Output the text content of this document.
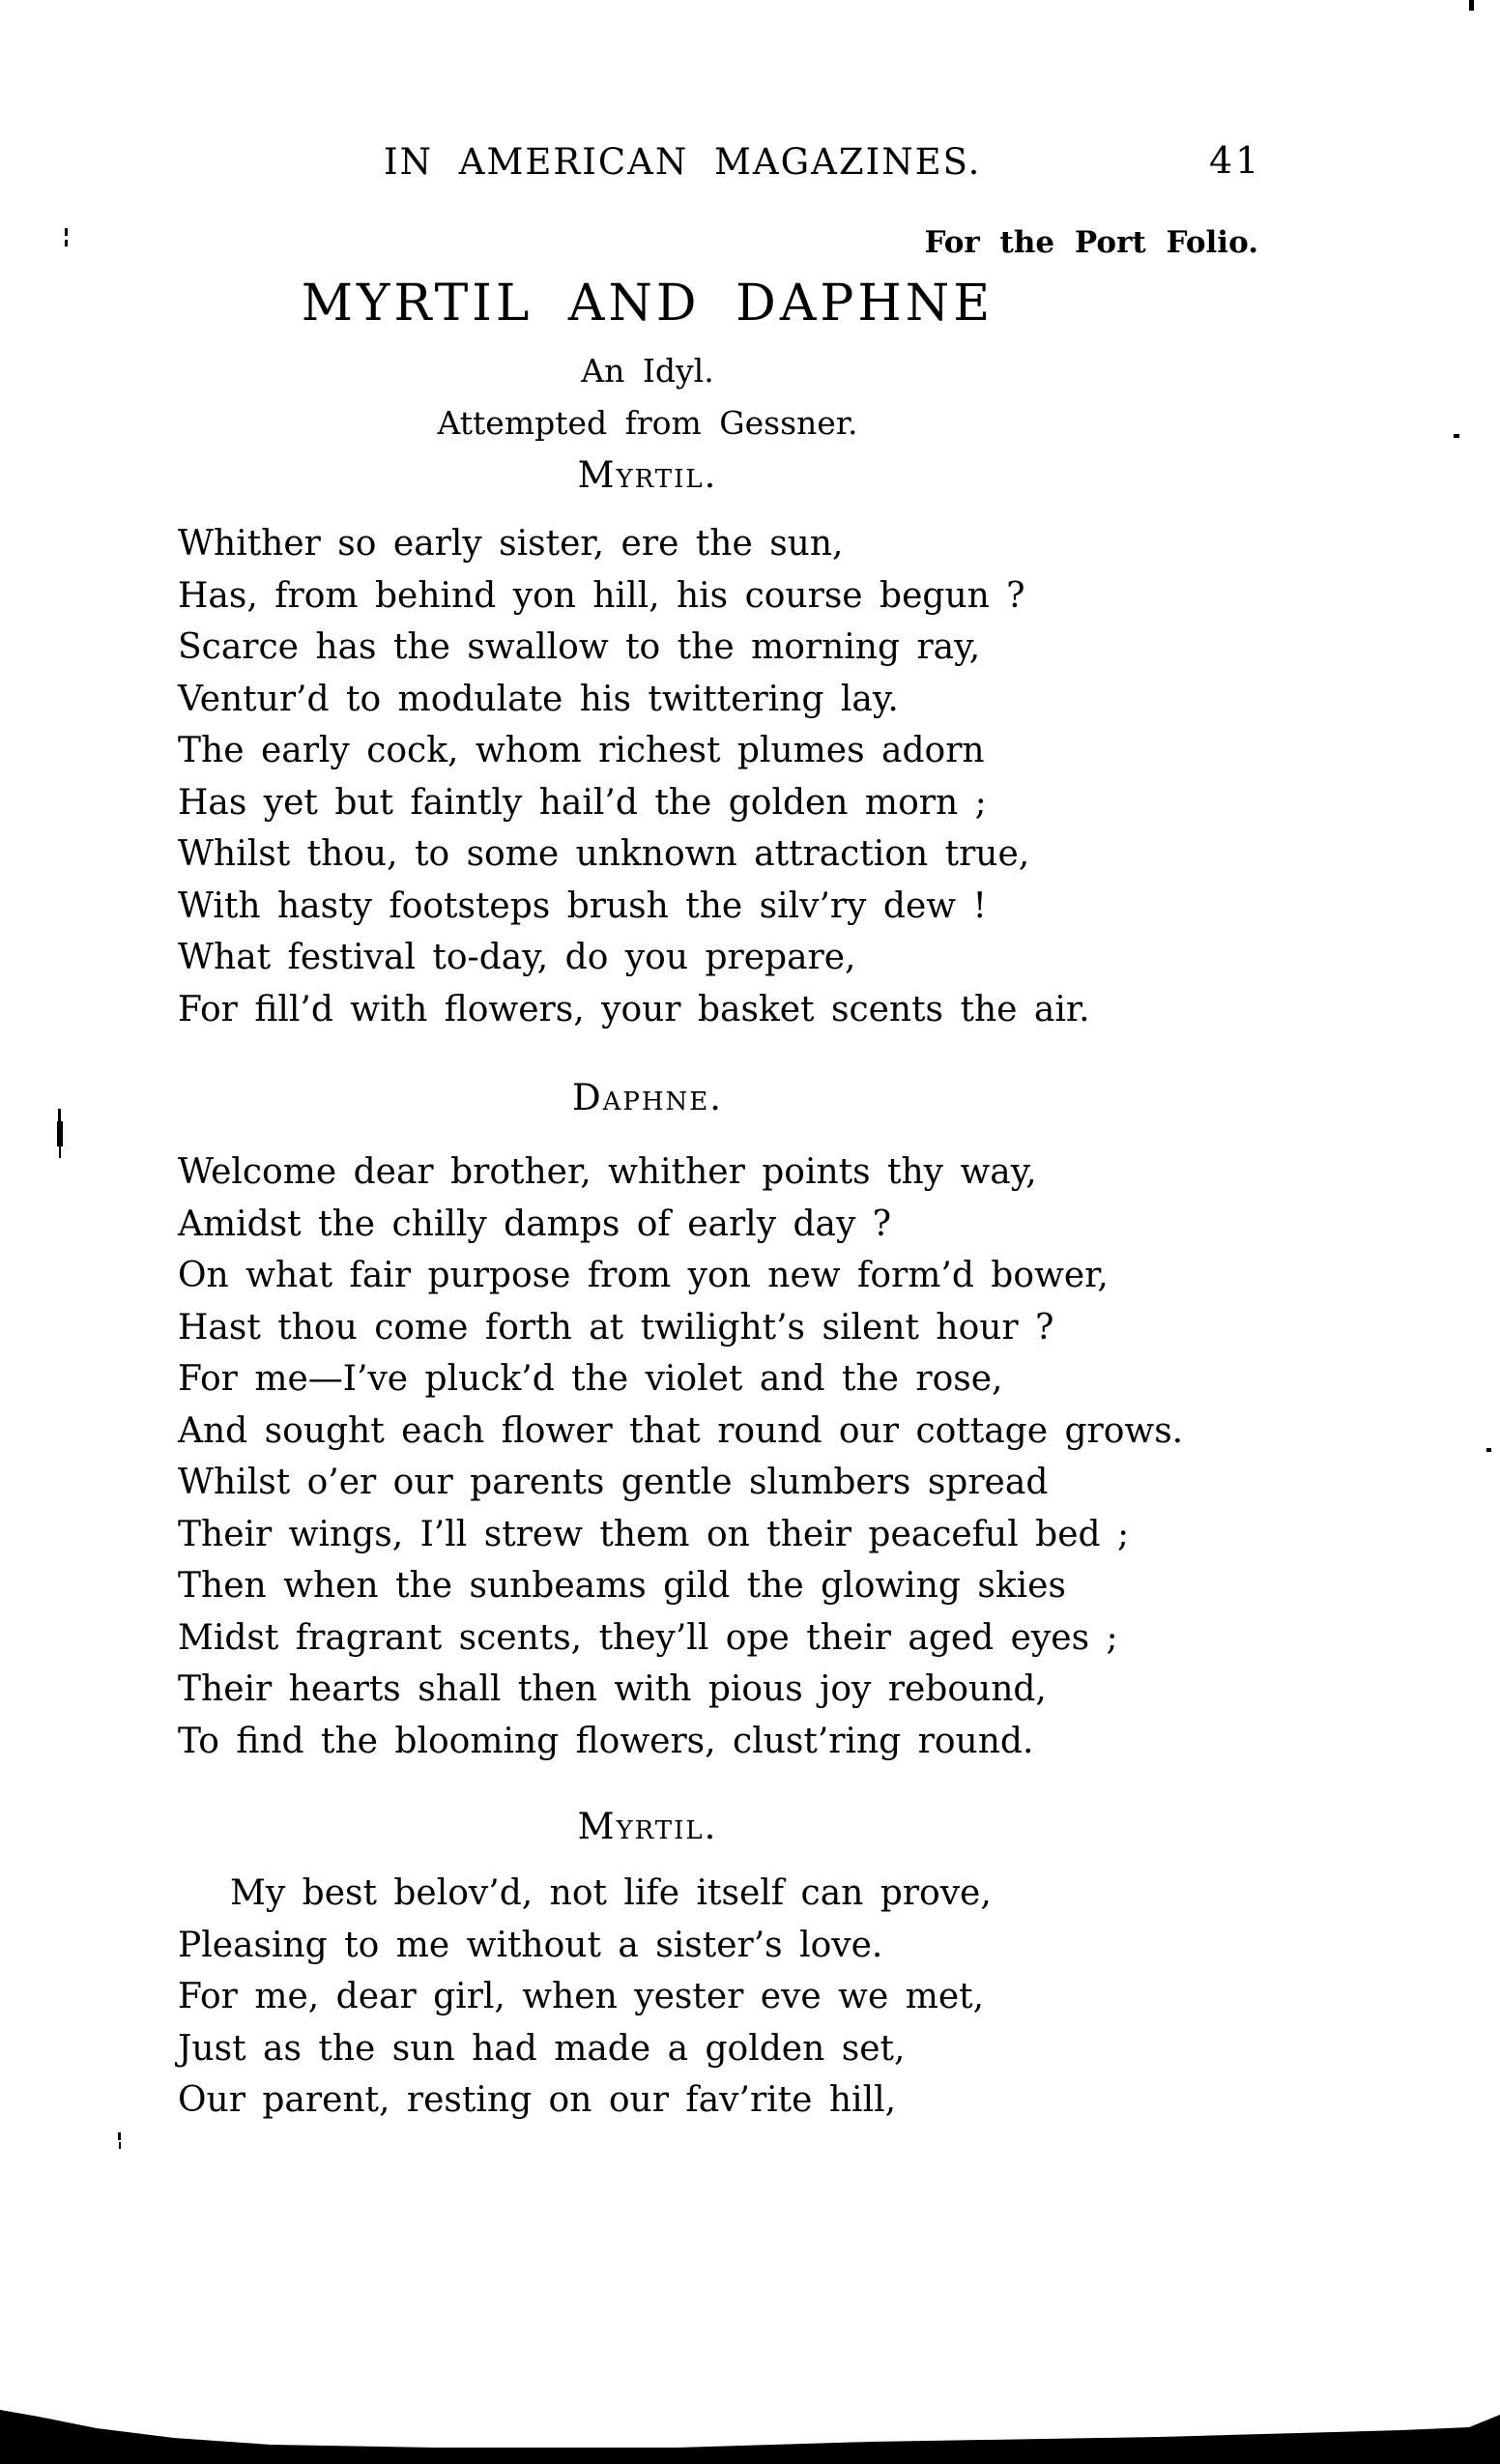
IN AMERICAN MAGAZINES.	41
For the Port Folio.
MYRTIL AND DAPHNE
An Idyl.
Attempted from Gessner.
Myrtil.
Whither so early sister, ere the sun,
Has, from behind yon hill, his course begun ?
Scarce has the swallow to the morning ray,
Ventur’d to modulate his twittering lay.
The early cock, whom richest plumes adorn
Has yet but faintly hail’d the golden morn ;
Whilst thou, to some unknown attraction true,
With hasty footsteps brush the silv’ry dew !
What festival to-day, do you prepare,
For fill’d with flowers, your basket scents the air.
Daphne.
Welcome dear brother, whither points thy way,
Amidst the chilly damps of early day ?
On what fair purpose from yon new form’d bower,
Hast thou come forth at twilight’s silent hour ?
For me—I’ve pluck’d the violet and the rose,
And sought each flower that round our cottage grows.
Whilst o’er our parents gentle slumbers spread
Their wings, I’ll strew them on their peaceful bed ;
Then when the sunbeams gild the glowing skies
Midst fragrant scents, they’ll ope their aged eyes ;
Their hearts shall then with pious joy rebound,
To find the blooming flowers, clust’ring round.
Myrtil.
My best belov’d, not life itself can prove,
Pleasing to me without a sister’s love.
For me, dear girl, when yester eve we met,
Just as the sun had made a golden set,
Our parent, resting on our fav’rite hill,
